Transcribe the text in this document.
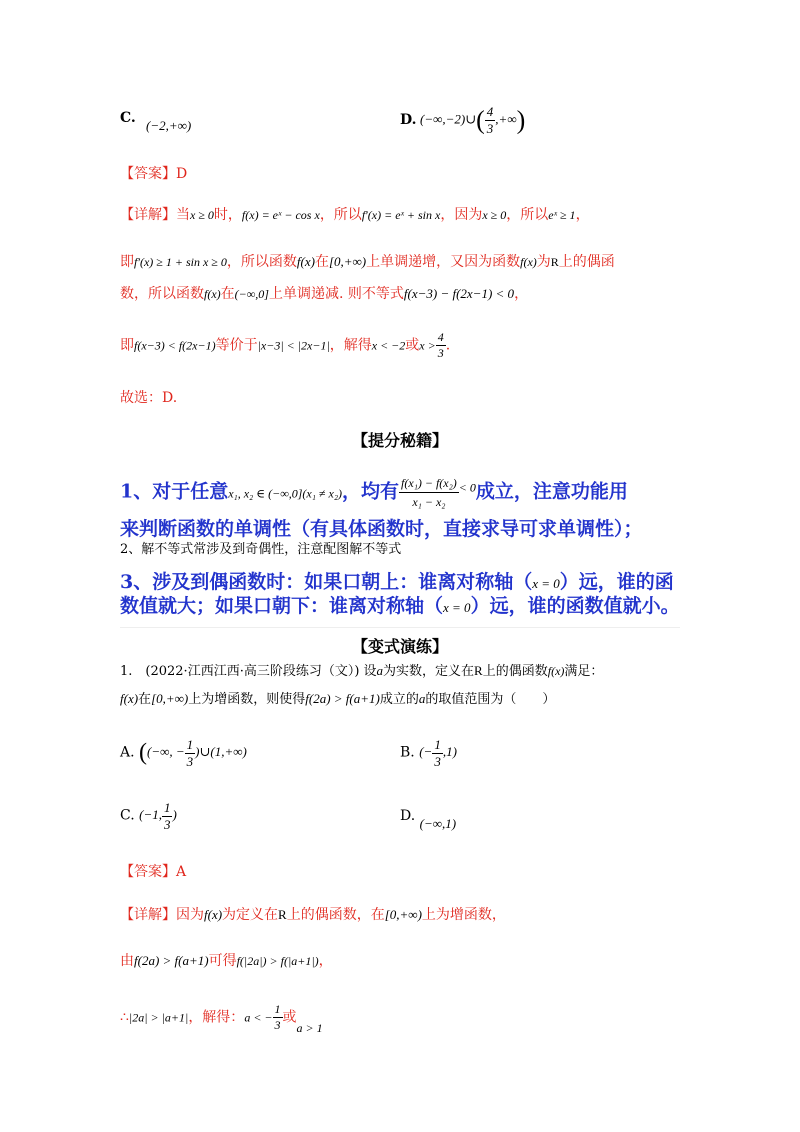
C. (−2,+∞)	D. (−∞,−2)∪( $\frac{4}{3}$ ,+∞)
【答案】D
【详解】当x ≥ 0时，f(x) = eˣ − cos x，所以f′(x) = eˣ + sin x，因为x ≥ 0，所以eˣ ≥ 1，
即f′(x) ≥ 1 + sin x ≥ 0，所以函数f(x)在[0,+∞)上单调递增，又因为函数f(x)为R上的偶函
数，所以函数f(x)在(−∞,0]上单调递减. 则不等式f(x−3) − f(2x−1) < 0，
即f(x−3) < f(2x−1)等价于|x−3| < |2x−1|，解得x < −2或$x > \frac{4}{3}$ .
故选：D.
【提分秘籍】
1、对于任意x₁, x₂ ∈ (−∞,0](x₁ ≠ x₂)，均有 $\frac{\text{f(x₁) − f(x₂)}}{\text{x₁ − x₂}} ^{< 0}$成立，注意功能用
来判断函数的单调性（有具体函数时，直接求导可求单调性）；
2、解不等式常涉及到奇偶性，注意配图解不等式
3、涉及到偶函数时：如果口朝上：谁离对称轴（x = 0）远，谁的函
数值就大；如果口朝下：谁离对称轴（x = 0）远，谁的函数值就小。
【变式演练】
1.　(2022·江西江西·高三阶段练习（文）) 设a为实数，定义在R上的偶函数f(x)满足：
f(x)在[0,+∞)上为增函数，则使得f(2a) > f(a+1)成立的a的取值范围为（　　）
A. ((−∞, − $\frac{1}{3}$ )∪(1,+∞)	B. (− $\frac{1}{3} ,1$)
C. (−1, $\frac{1}{3}$ )	D. (−∞,1)
【答案】A
【详解】因为f(x)为定义在R上的偶函数，在[0,+∞)上为增函数，
由f(2a) > f(a+1)可得f(|2a|) > f(|a+1|)，
∴|2a| > |a+1|，解得：a < − $\frac{1}{3}$ 或a > 1
